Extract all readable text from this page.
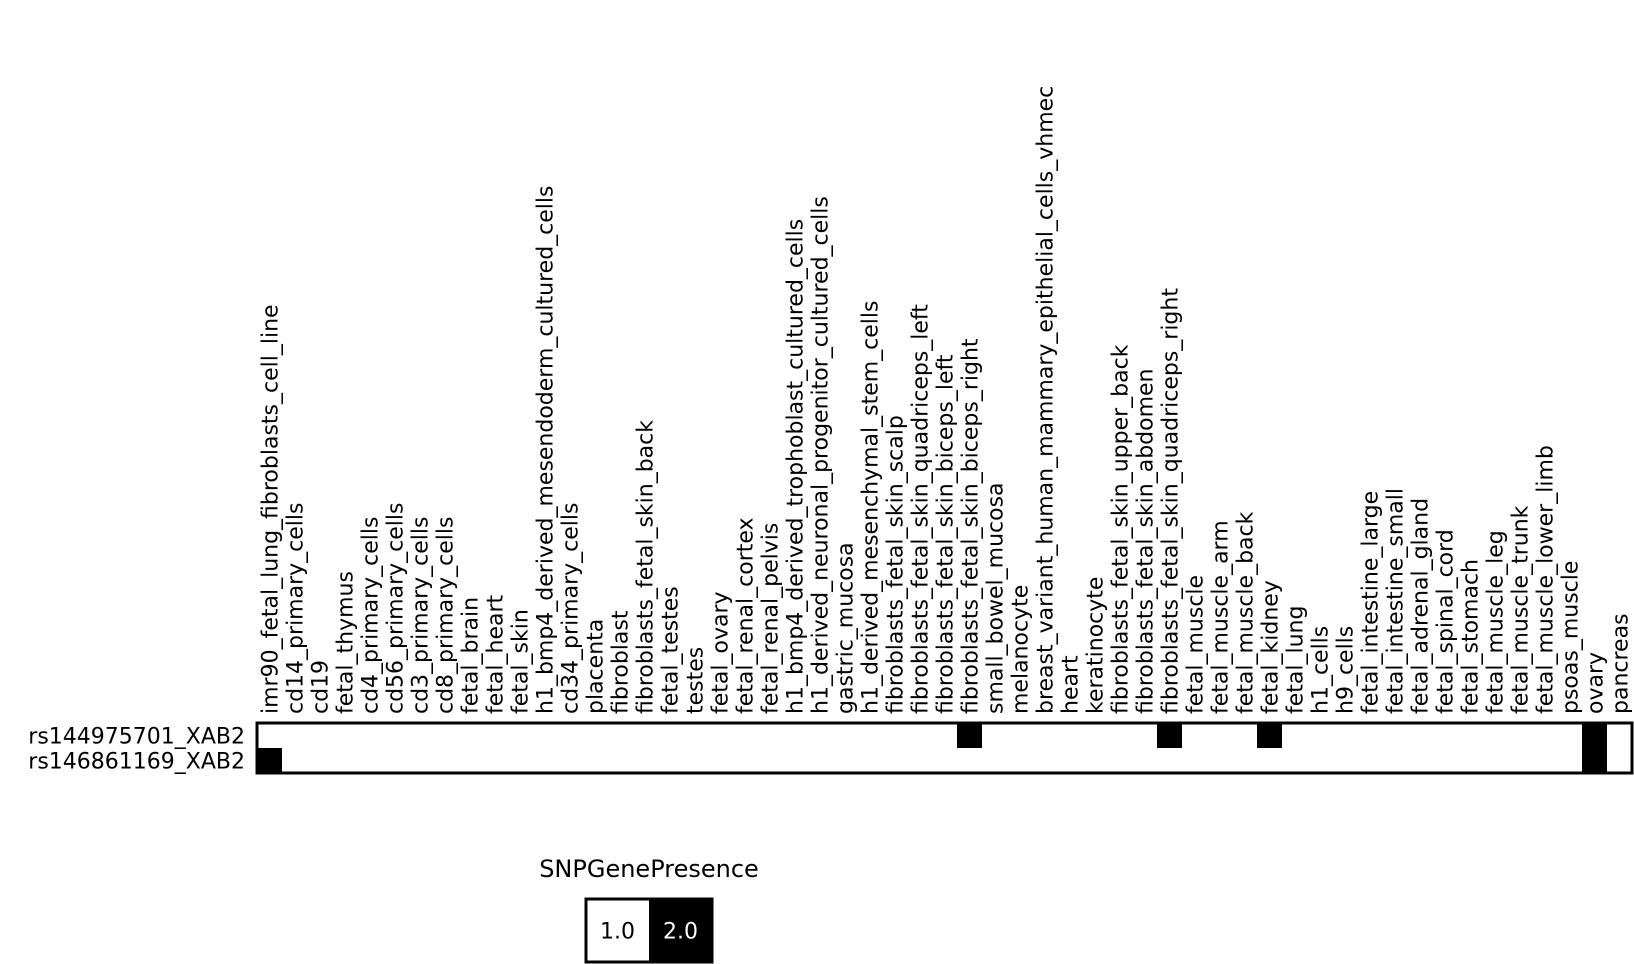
imr90_fetal_lung_fibroblasts_cell_line cd14_primary_cells cd19 fetal_thymus cd4_primary_cells cd56_primary_cells cd3_primary_cells cd8_primary_cells fetal_brain fetal_heart fetal_skin h1_bmp4_derived_mesendoderm_cultured_cells cd34_primary_cells placenta fibroblast fibroblasts_fetal_skin_back fetal_testes testes fetal_ovary fetal_renal_cortex fetal_renal_pelvis h1_bmp4_derived_trophoblast_cultured_cells h1_derived_neuronal_progenitor_cultured_cells gastric_mucosa h1_derived_mesenchymal_stem_cells fibroblasts_fetal_skin_scalp fibroblasts_fetal_skin_quadriceps_left fibroblasts_fetal_skin_biceps_left fibroblasts_fetal_skin_biceps_right small_bowel_mucosa melanocyte breast_variant_human_mammary_epithelial_cells_vhmec heart keratinocyte fibroblasts_fetal_skin_upper_back fibroblasts_fetal_skin_abdomen fibroblasts_fetal_skin_quadriceps_right fetal_muscle fetal_muscle_arm fetal_muscle_back fetal_kidney fetal_lung h1_cells h9_cells fetal_intestine_large fetal_intestine_small fetal_adrenal_gland fetal_spinal_cord fetal_stomach fetal_muscle_leg fetal_muscle_trunk fetal_muscle_lower_limb psoas_muscle ovary pancreas
rs144975701_XAB2
rs146861169_XAB2
SNPGenePresence
1.0 2.0
